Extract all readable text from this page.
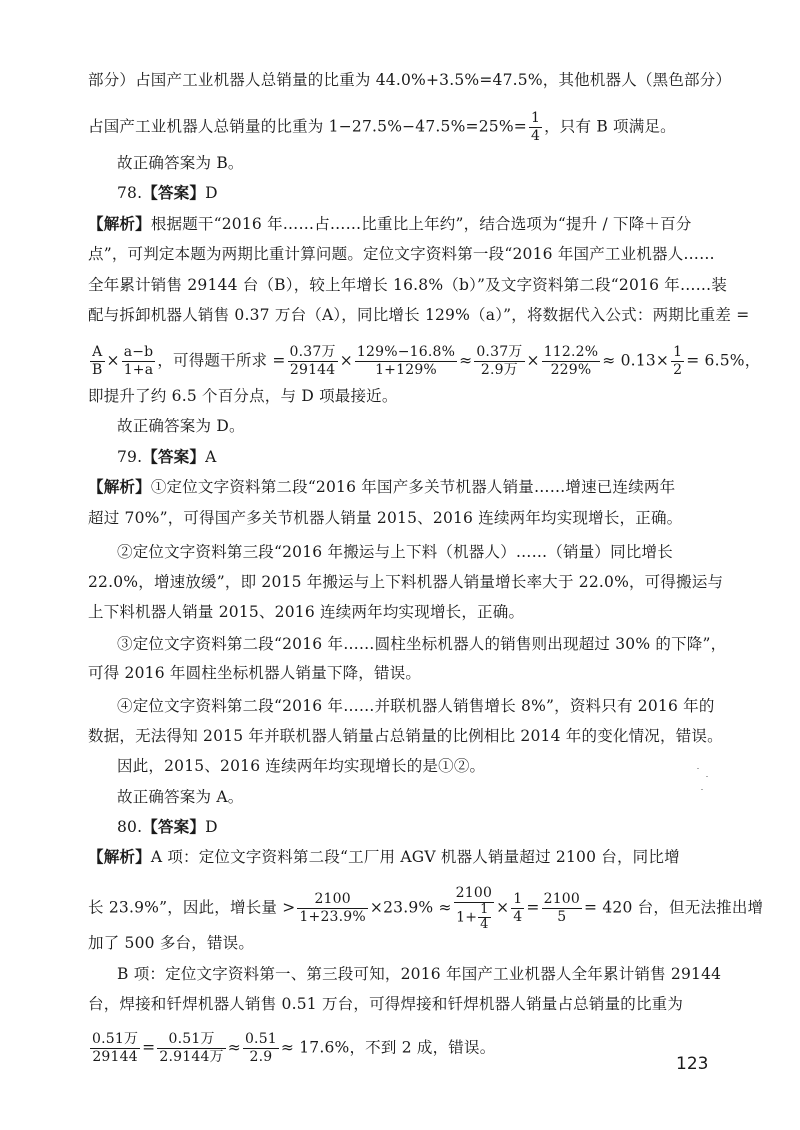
部分）占国产工业机器人总销量的比重为 44.0%+3.5%=47.5%，其他机器人（黑色部分）
占国产工业机器人总销量的比重为 $1-27.5\%-47.5\%=25\%= \frac{1}{4}$ ，只有 B 项满足。
故正确答案为 B。
78.【答案】D
【解析】根据题干“2016 年……占……比重比上年约”，结合选项为“提升 / 下降＋百分
点”，可判定本题为两期比重计算问题。定位文字资料第一段“2016 年国产工业机器人……
全年累计销售 29144 台（B），较上年增长 16.8%（b）”及文字资料第二段“2016 年……装
配与拆卸机器人销售 0.37 万台（A），同比增长 129%（a）”，将数据代入公式：两期比重差 =
$\frac{A}{B} \times \frac{a-b}{1+a}$ ，可得题干所求 = $\frac{\text{0.37万}}{29144} \times \frac{129\%-16.8\%}{1+129\%} \approx \frac{\text{0.37万}}{\text{2.9万}} \times \frac{112.2\%}{229\%} \approx 0.13\times \frac{1}{2} = 6.5\%$，
即提升了约 6.5 个百分点，与 D 项最接近。
故正确答案为 D。
79.【答案】A
【解析】①定位文字资料第二段“2016 年国产多关节机器人销量……增速已连续两年
超过 70%”，可得国产多关节机器人销量 2015、2016 连续两年均实现增长，正确。
②定位文字资料第三段“2016 年搬运与上下料（机器人）……（销量）同比增长
22.0%，增速放缓”，即 2015 年搬运与上下料机器人销量增长率大于 22.0%，可得搬运与
上下料机器人销量 2015、2016 连续两年均实现增长，正确。
③定位文字资料第二段“2016 年……圆柱坐标机器人的销售则出现超过 30% 的下降”，
可得 2016 年圆柱坐标机器人销量下降，错误。
④定位文字资料第二段“2016 年……并联机器人销售增长 8%”，资料只有 2016 年的
数据，无法得知 2015 年并联机器人销量占总销量的比例相比 2014 年的变化情况，错误。
因此，2015、2016 连续两年均实现增长的是①②。
故正确答案为 A。
80.【答案】D
【解析】A 项：定位文字资料第二段“工厂用 AGV 机器人销量超过 2100 台，同比增
长 23.9%”，因此，增长量 > $\frac{2100}{1+23.9\%} \times 23.9\% \approx \frac{2100}{1+ \frac{1}{4}} \times \frac{1}{4} = \frac{2100}{5} = 420$ 台，但无法推出增
加了 500 多台，错误。
B 项：定位文字资料第一、第三段可知，2016 年国产工业机器人全年累计销售 29144
台，焊接和钎焊机器人销售 0.51 万台，可得焊接和钎焊机器人销量占总销量的比重为
$\frac{\text{0.51万}}{29144} = \frac{\text{0.51万}}{\text{2.9144万}} \approx \frac{0.51}{2.9} \approx 17.6\%$，不到 2 成，错误。
123
